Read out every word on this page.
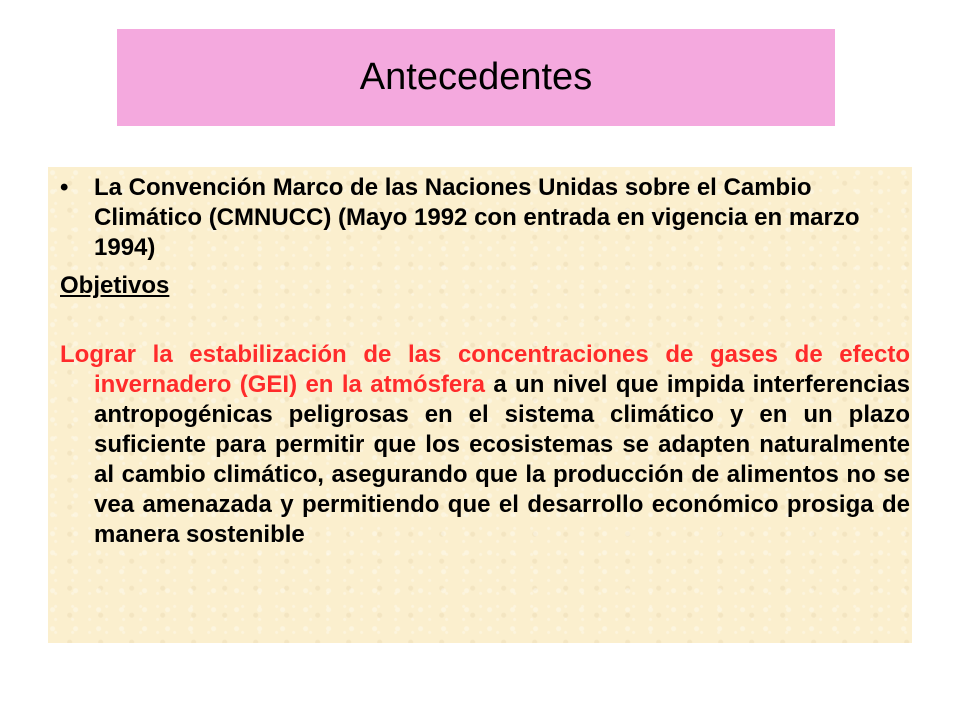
Antecedentes
•	La Convención Marco de las Naciones Unidas sobre el Cambio Climático (CMNUCC) (Mayo 1992 con entrada en vigencia en marzo 1994)
Objetivos
Lograr la estabilización de las concentraciones de gases de efecto invernadero (GEI) en la atmósfera a un nivel que impida interferencias antropogénicas peligrosas en el sistema climático y en un plazo suficiente para permitir que los ecosistemas se adapten naturalmente al cambio climático, asegurando que la producción de alimentos no se vea amenazada y permitiendo que el desarrollo económico prosiga de manera sostenible
